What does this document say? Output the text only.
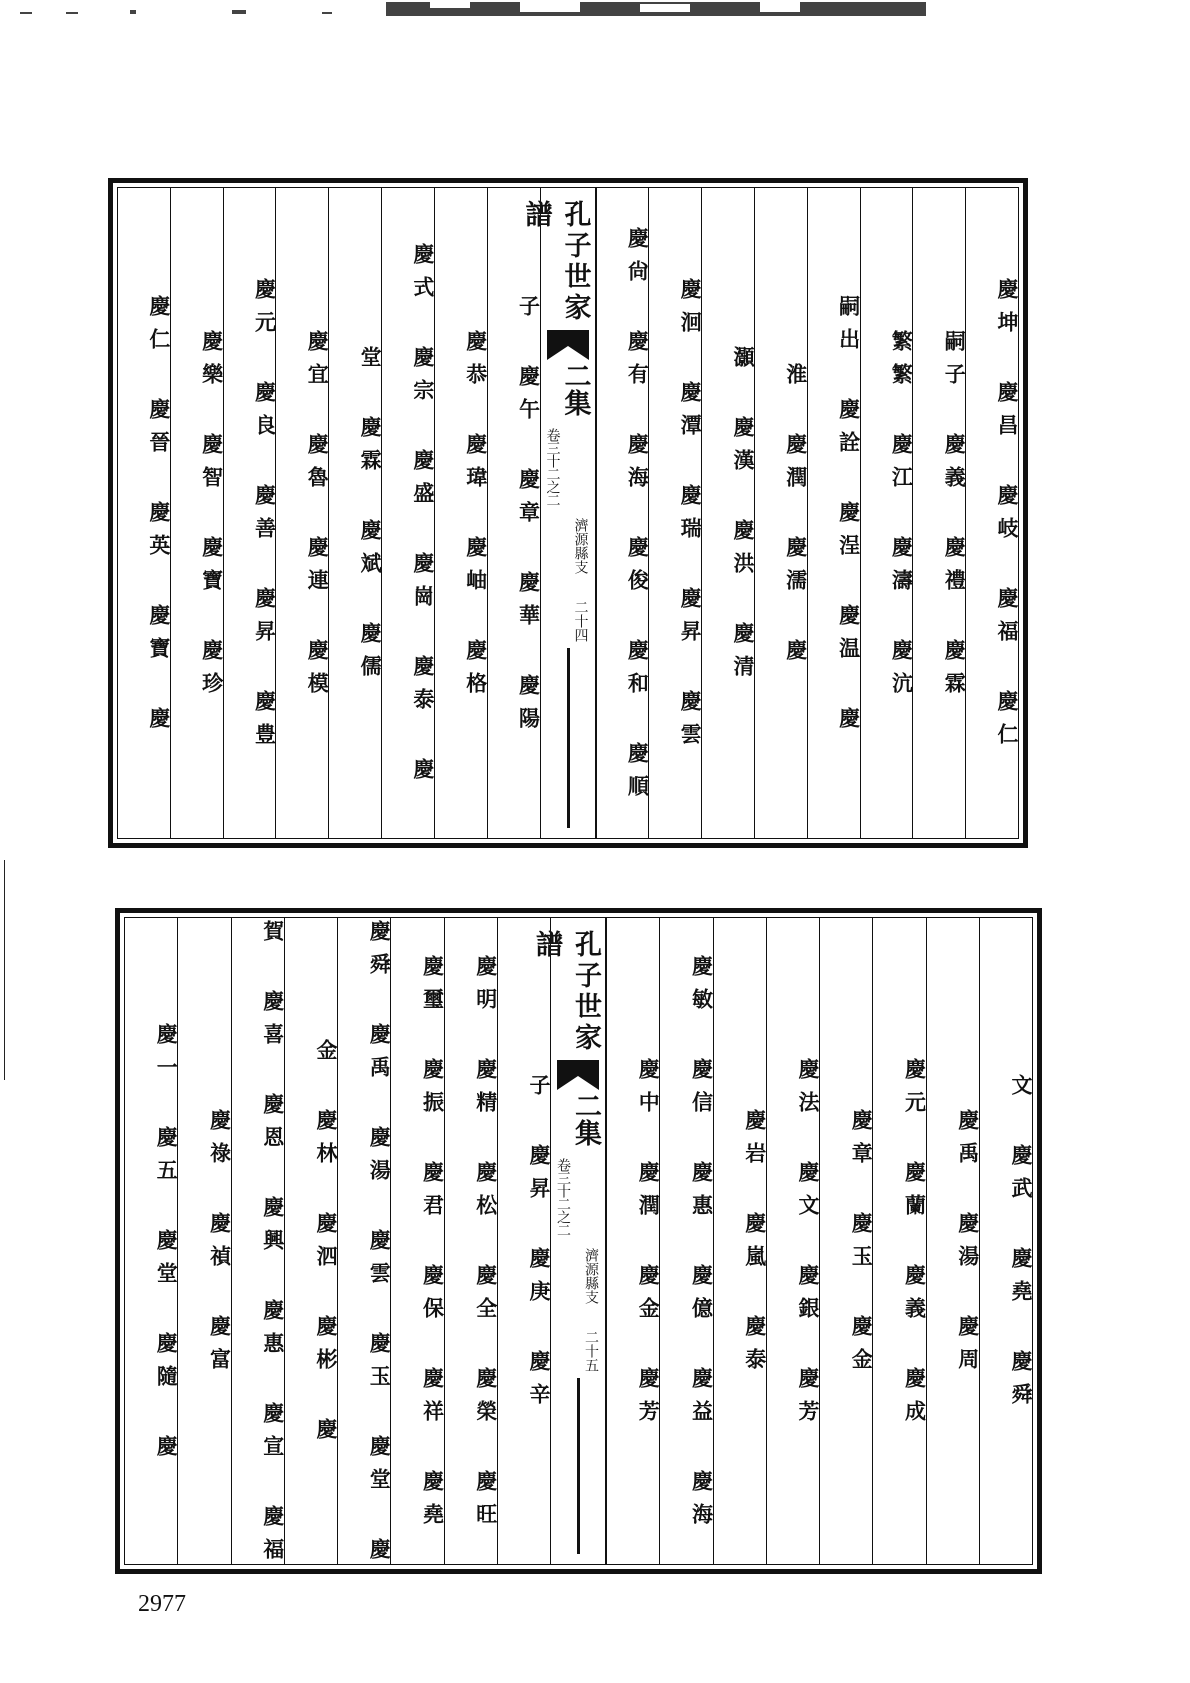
慶仁 慶晉 慶英 慶寶 慶	慶樂 慶智 慶寶 慶珍	慶元 慶良 慶善 慶昇 慶豊	慶宜 慶魯 慶連 慶模	堂 慶霖 慶斌 慶儒	慶式 慶宗 慶盛 慶崗 慶泰 慶	慶恭 慶瑋 慶岫 慶格	子 慶午 慶章 慶華 慶陽
孔子世家譜
二集
卷三十二之二
濟源縣支
二十四	慶尙 慶有 慶海 慶俊 慶和 慶順	慶洄 慶潭 慶瑞 慶昇 慶雲	灝 慶漢 慶洪 慶清	淮 慶潤 慶濡 慶	嗣出 慶詮 慶浧 慶温 慶	繁繁 慶江 慶濤 慶沆	嗣子 慶義 慶禮 慶霖	慶坤 慶昌 慶岐 慶福 慶仁
慶一 慶五 慶堂 慶隨 慶	慶祿 慶禎 慶富	賀 慶喜 慶恩 慶興 慶惠 慶宣 慶福	金 慶林 慶泗 慶彬 慶	慶舜 慶禹 慶湯 慶雲 慶玉 慶堂 慶	慶璽 慶振 慶君 慶保 慶祥 慶堯	慶明 慶精 慶松 慶全 慶榮 慶旺	子 慶昇 慶庚 慶辛
孔子世家譜
二集
卷三十二之二
濟源縣支
二十五	慶中 慶潤 慶金 慶芳	慶敏 慶信 慶惠 慶億 慶益 慶海	慶岩 慶嵐 慶泰	慶法 慶文 慶銀 慶芳	慶章 慶玉 慶金	慶元 慶蘭 慶義 慶成	慶禹 慶湯 慶周	文 慶武 慶堯 慶舜
2977
